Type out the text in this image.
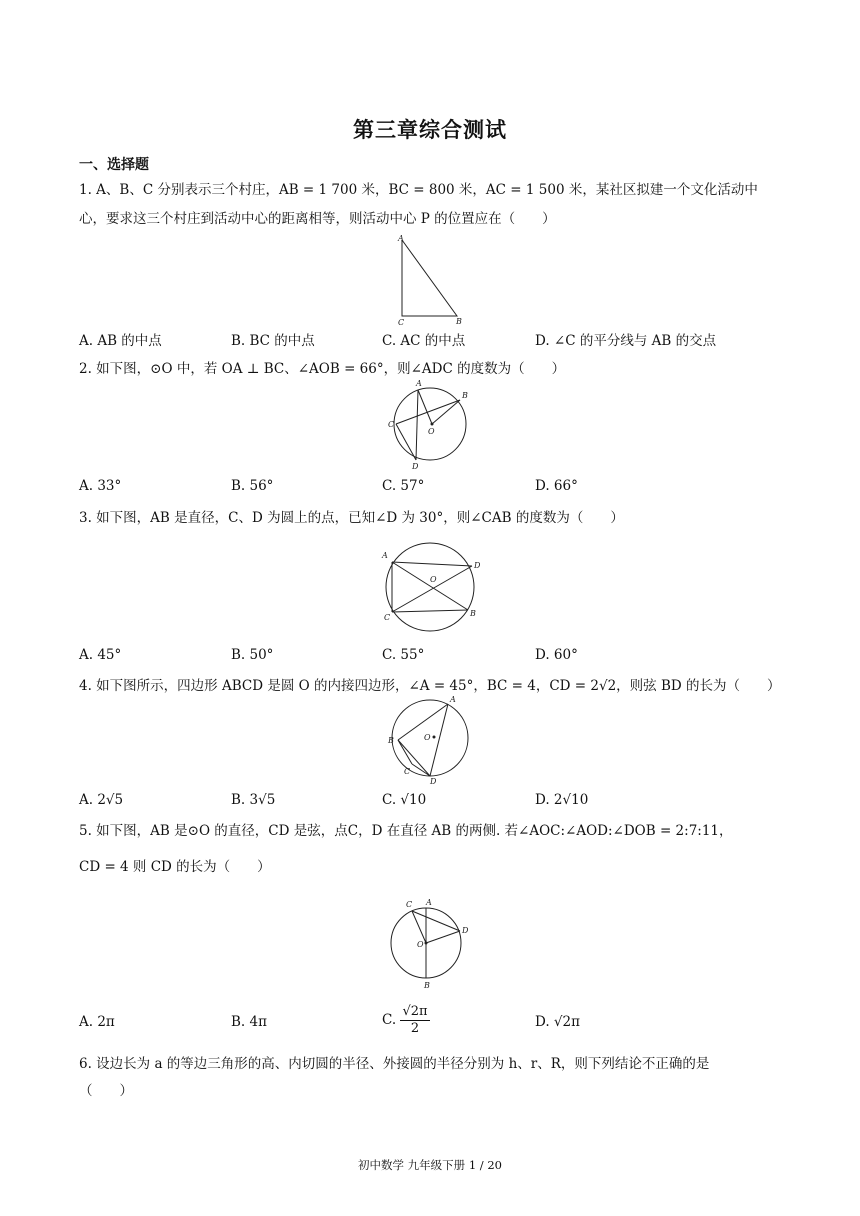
第三章综合测试
一、选择题
1. A、B、C 分别表示三个村庄，AB = 1 700 米，BC = 800 米，AC = 1 500 米，某社区拟建一个文化活动中
心，要求这三个村庄到活动中心的距离相等，则活动中心 P 的位置应在（　　）
A
C	B
A. AB 的中点	B. BC 的中点	C. AC 的中点	D. ∠C 的平分线与 AB 的交点
2. 如下图，⊙O 中，若 OA ⊥ BC、∠AOB = 66°，则∠ADC 的度数为（　　）
A
B
C
O
D
A. 33°	B. 56°	C. 57°	D. 66°
3. 如下图，AB 是直径，C、D 为圆上的点，已知∠D 为 30°，则∠CAB 的度数为（　　）
A
D
O
C	B
A. 45°	B. 50°	C. 55°	D. 60°
4. 如下图所示，四边形 ABCD 是圆 O 的内接四边形，∠A = 45°，BC = 4，CD = 2√2，则弦 BD 的长为（　　）
A
O
B
C
D
A. 2√5	B. 3√5	C. √10	D. 2√10
5. 如下图，AB 是⊙O 的直径，CD 是弦，点C，D 在直径 AB 的两侧. 若∠AOC:∠AOD:∠DOB = 2:7:11，
CD = 4 则 CD 的长为（　　）
C A
D
O
B
A. 2π	B. 4π	C. $\frac{√2\pi}{2}$	D. √2π
6. 设边长为 a 的等边三角形的高、内切圆的半径、外接圆的半径分别为 h、r、R，则下列结论不正确的是
（　　）
初中数学 九年级下册 1 / 20
